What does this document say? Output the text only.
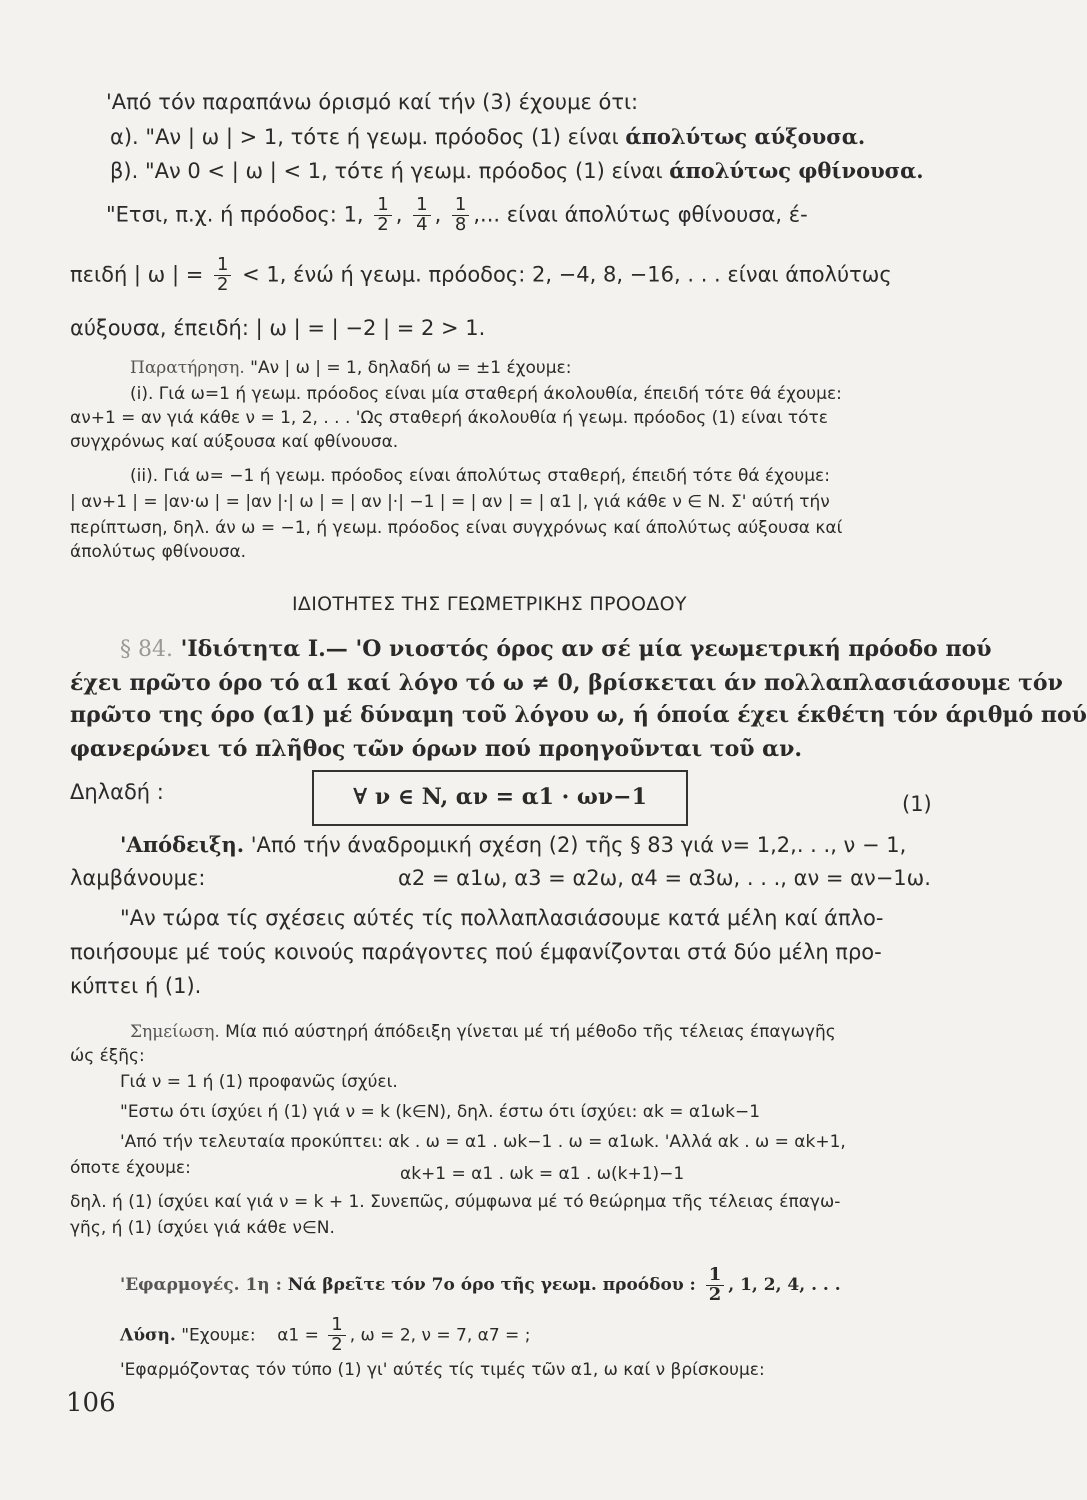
'Από τόν παραπάνω όρισμό καί τήν (3) έχουμε ότι:
α). "Αν | ω | > 1, τότε ή γεωμ. πρόοδος (1) είναι άπολύτως αύξουσα.
β). "Αν 0 < | ω | < 1, τότε ή γεωμ. πρόοδος (1) είναι άπολύτως φθίνουσα.
"Ετσι, π.χ. ή πρόοδος: 1, $\frac{1}{2}$ , $\frac{1}{4}$ , $\frac{1}{8}$ ,... είναι άπολύτως φθίνουσα, έ-
πειδή | ω | = $\frac{1}{2} < 1$, ένώ ή γεωμ. πρόοδος: 2, −4, 8, −16, . . . είναι άπολύτως
αύξουσα, έπειδή: | ω | = | −2 | = 2 > 1.
Παρατήρηση. "Αν | ω | = 1, δηλαδή ω = ±1 έχουμε:
(i). Γιά ω=1 ή γεωμ. πρόοδος είναι μία σταθερή άκολουθία, έπειδή τότε θά έχουμε:
αν+1 = αν γιά κάθε ν = 1, 2, . . . 'Ως σταθερή άκολουθία ή γεωμ. πρόοδος (1) είναι τότε
συγχρόνως καί αύξουσα καί φθίνουσα.
(ii). Γιά ω= −1 ή γεωμ. πρόοδος είναι άπολύτως σταθερή, έπειδή τότε θά έχουμε:
| αν+1 | = |αν·ω | = |αν |·| ω | = | αν |·| −1 | = | αν | = | α1 |, γιά κάθε ν ∈ N. Σ' αύτή τήν
περίπτωση, δηλ. άν ω = −1, ή γεωμ. πρόοδος είναι συγχρόνως καί άπολύτως αύξουσα καί
άπολύτως φθίνουσα.
ΙΔΙΟΤΗΤΕΣ ΤΗΣ ΓΕΩΜΕΤΡΙΚΗΣ ΠΡΟΟΔΟΥ
§ 84. 'Ιδιότητα Ι.— 'Ο νιοστός όρος αν σέ μία γεωμετρική πρόοδο πού
έχει πρῶτο όρο τό α1 καί λόγο τό ω ≠ 0, βρίσκεται άν πολλαπλασιάσουμε τόν
πρῶτο της όρο (α1) μέ δύναμη τοῦ λόγου ω, ή όποία έχει έκθέτη τόν άριθμό πού
φανερώνει τό πλῆθος τῶν όρων πού προηγοῦνται τοῦ αν.
Δηλαδή :	∀ ν ∈ N, αν = α1 · ων−1	(1)
'Απόδειξη. 'Από τήν άναδρομική σχέση (2) τῆς § 83 γιά ν= 1,2,. . ., ν − 1,
λαμβάνουμε:	α2 = α1ω, α3 = α2ω, α4 = α3ω, . . ., αν = αν−1ω.
"Αν τώρα τίς σχέσεις αύτές τίς πολλαπλασιάσουμε κατά μέλη καί άπλο-
ποιήσουμε μέ τούς κοινούς παράγοντες πού έμφανίζονται στά δύο μέλη προ-
κύπτει ή (1).
Σημείωση. Μία πιό αύστηρή άπόδειξη γίνεται μέ τή μέθοδο τῆς τέλειας έπαγωγῆς
ώς έξῆς:
Γιά ν = 1 ή (1) προφανῶς ίσχύει.
"Εστω ότι ίσχύει ή (1) γιά ν = k (k∈N), δηλ. έστω ότι ίσχύει: αk = α1ωk−1
'Από τήν τελευταία προκύπτει: αk . ω = α1 . ωk−1 . ω = α1ωk. 'Αλλά αk . ω = αk+1,
όποτε έχουμε:	αk+1 = α1 . ωk = α1 . ω(k+1)−1
δηλ. ή (1) ίσχύει καί γιά ν = k + 1. Συνεπῶς, σύμφωνα μέ τό θεώρημα τῆς τέλειας έπαγω-
γῆς, ή (1) ίσχύει γιά κάθε ν∈N.
'Εφαρμογές. 1η : Νά βρεῖτε τόν 7ο όρο τῆς γεωμ. προόδου : $\frac{1}{2}$ , 1, 2, 4, . . .
Λύση. "Εχουμε: $\alpha 1 = \frac{1}{2}$ , ω = 2, ν = 7, α7 = ;
'Εφαρμόζοντας τόν τύπο (1) γι' αύτές τίς τιμές τῶν α1, ω καί ν βρίσκουμε:
106
